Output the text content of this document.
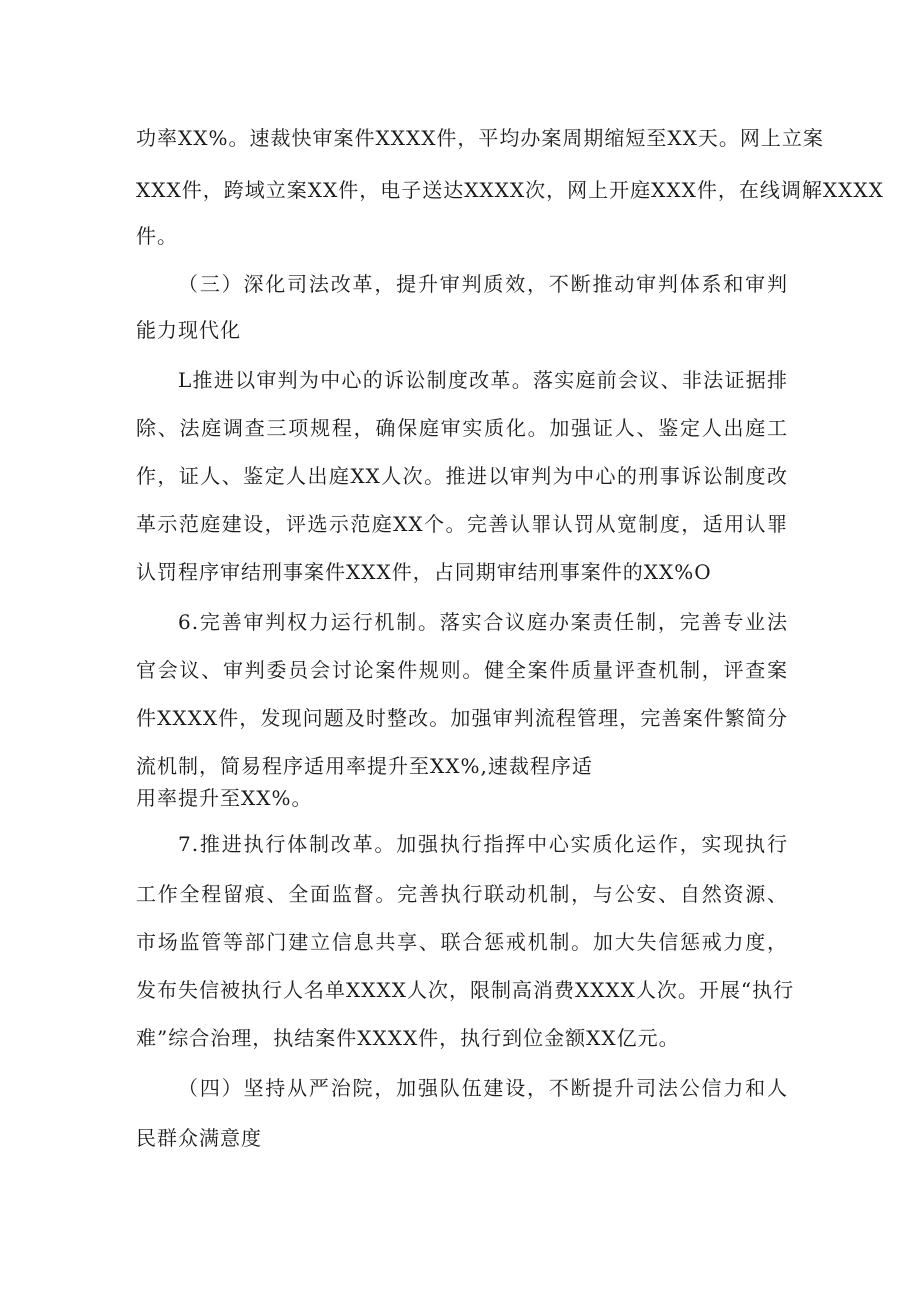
功率XX%。速裁快审案件XXXX件，平均办案周期缩短至XX天。网上立案
XXX件，跨域立案XX件，电子送达XXXX次，网上开庭XXX件，在线调解XXXX
件。
（三）深化司法改革，提升审判质效，不断推动审判体系和审判
能力现代化
L推进以审判为中心的诉讼制度改革。落实庭前会议、非法证据排
除、法庭调查三项规程，确保庭审实质化。加强证人、鉴定人出庭工
作，证人、鉴定人出庭XX人次。推进以审判为中心的刑事诉讼制度改
革示范庭建设，评选示范庭XX个。完善认罪认罚从宽制度，适用认罪
认罚程序审结刑事案件XXX件，占同期审结刑事案件的XX%O
6.完善审判权力运行机制。落实合议庭办案责任制，完善专业法
官会议、审判委员会讨论案件规则。健全案件质量评查机制，评查案
件XXXX件，发现问题及时整改。加强审判流程管理，完善案件繁简分
流机制，简易程序适用率提升至XX%,速裁程序适
用率提升至XX%。
7.推进执行体制改革。加强执行指挥中心实质化运作，实现执行
工作全程留痕、全面监督。完善执行联动机制，与公安、自然资源、
市场监管等部门建立信息共享、联合惩戒机制。加大失信惩戒力度，
发布失信被执行人名单XXXX人次，限制高消费XXXX人次。开展“执行
难”综合治理，执结案件XXXX件，执行到位金额XX亿元。
（四）坚持从严治院，加强队伍建设，不断提升司法公信力和人
民群众满意度
